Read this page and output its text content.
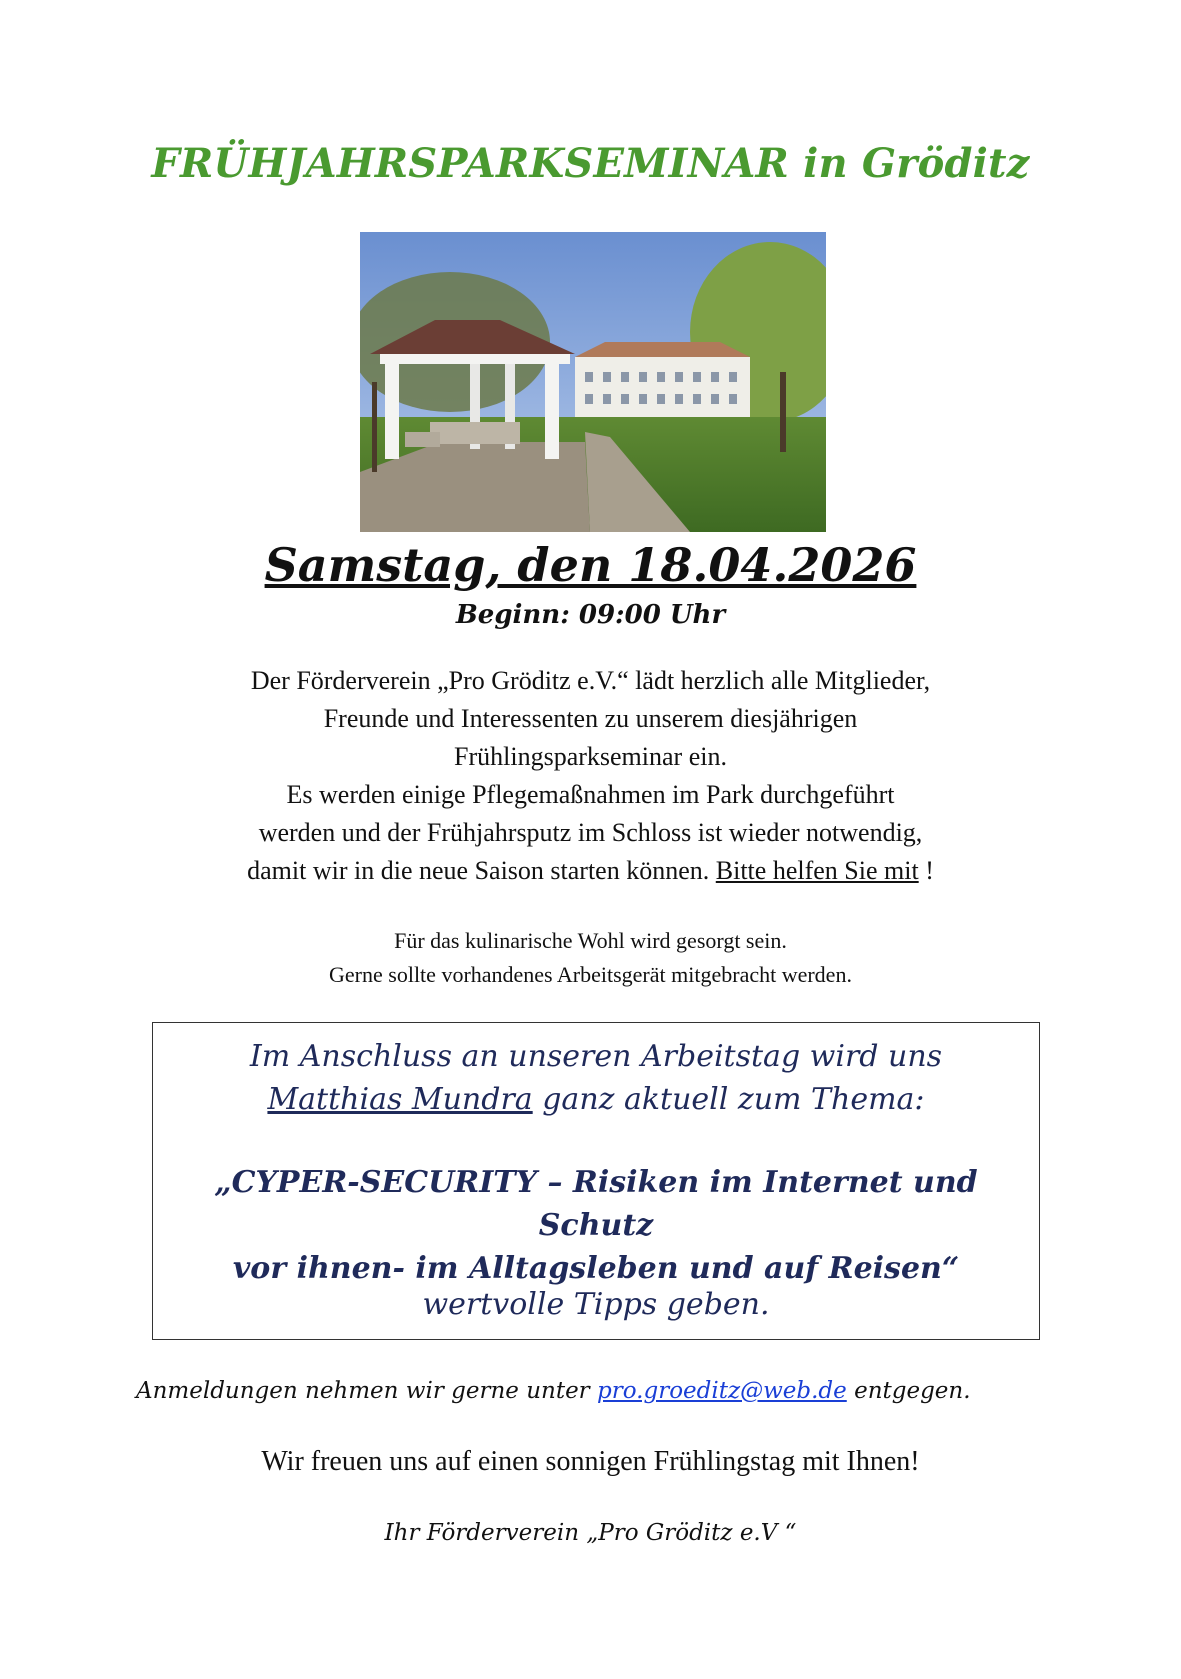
FRÜHJAHRSPARKSEMINAR in Gröditz
Samstag, den 18.04.2026
Beginn: 09:00 Uhr
Der Förderverein „Pro Gröditz e.V.“ lädt herzlich alle Mitglieder,
Freunde und Interessenten zu unserem diesjährigen
Frühlingsparkseminar ein.
Es werden einige Pflegemaßnahmen im Park durchgeführt
werden und der Frühjahrsputz im Schloss ist wieder notwendig,
damit wir in die neue Saison starten können. Bitte helfen Sie mit !
Für das kulinarische Wohl wird gesorgt sein.
Gerne sollte vorhandenes Arbeitsgerät mitgebracht werden.
Im Anschluss an unseren Arbeitstag wird uns
Matthias Mundra ganz aktuell zum Thema:
„CYPER-SECURITY – Risiken im Internet und Schutz
vor ihnen- im Alltagsleben und auf Reisen“
wertvolle Tipps geben.
Anmeldungen nehmen wir gerne unter pro.groeditz@web.de entgegen.
Wir freuen uns auf einen sonnigen Frühlingstag mit Ihnen!
Ihr Förderverein „Pro Gröditz e.V “
